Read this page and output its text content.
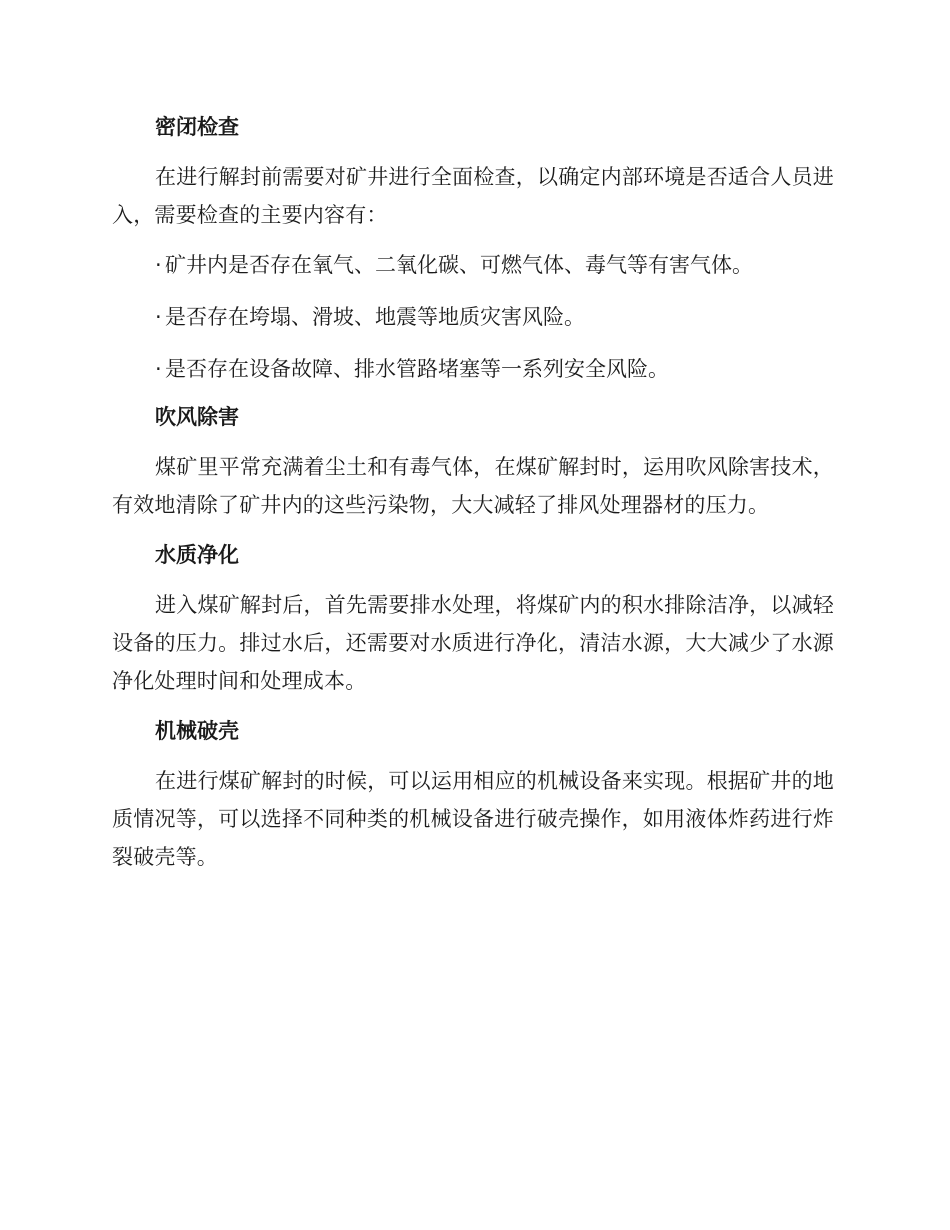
密闭检查

在进行解封前需要对矿井进行全面检查，以确定内部环境是否适合人员进入，需要检查的主要内容有：

· 矿井内是否存在氧气、二氧化碳、可燃气体、毒气等有害气体。
· 是否存在垮塌、滑坡、地震等地质灾害风险。
· 是否存在设备故障、排水管路堵塞等一系列安全风险。
吹风除害

煤矿里平常充满着尘土和有毒气体，在煤矿解封时，运用吹风除害技术，有效地清除了矿井内的这些污染物，大大减轻了排风处理器材的压力。

水质净化

进入煤矿解封后，首先需要排水处理，将煤矿内的积水排除洁净，以减轻设备的压力。排过水后，还需要对水质进行净化，清洁水源，大大减少了水源净化处理时间和处理成本。

机械破壳

在进行煤矿解封的时候，可以运用相应的机械设备来实现。根据矿井的地质情况等，可以选择不同种类的机械设备进行破壳操作，如用液体炸药进行炸裂破壳等。
